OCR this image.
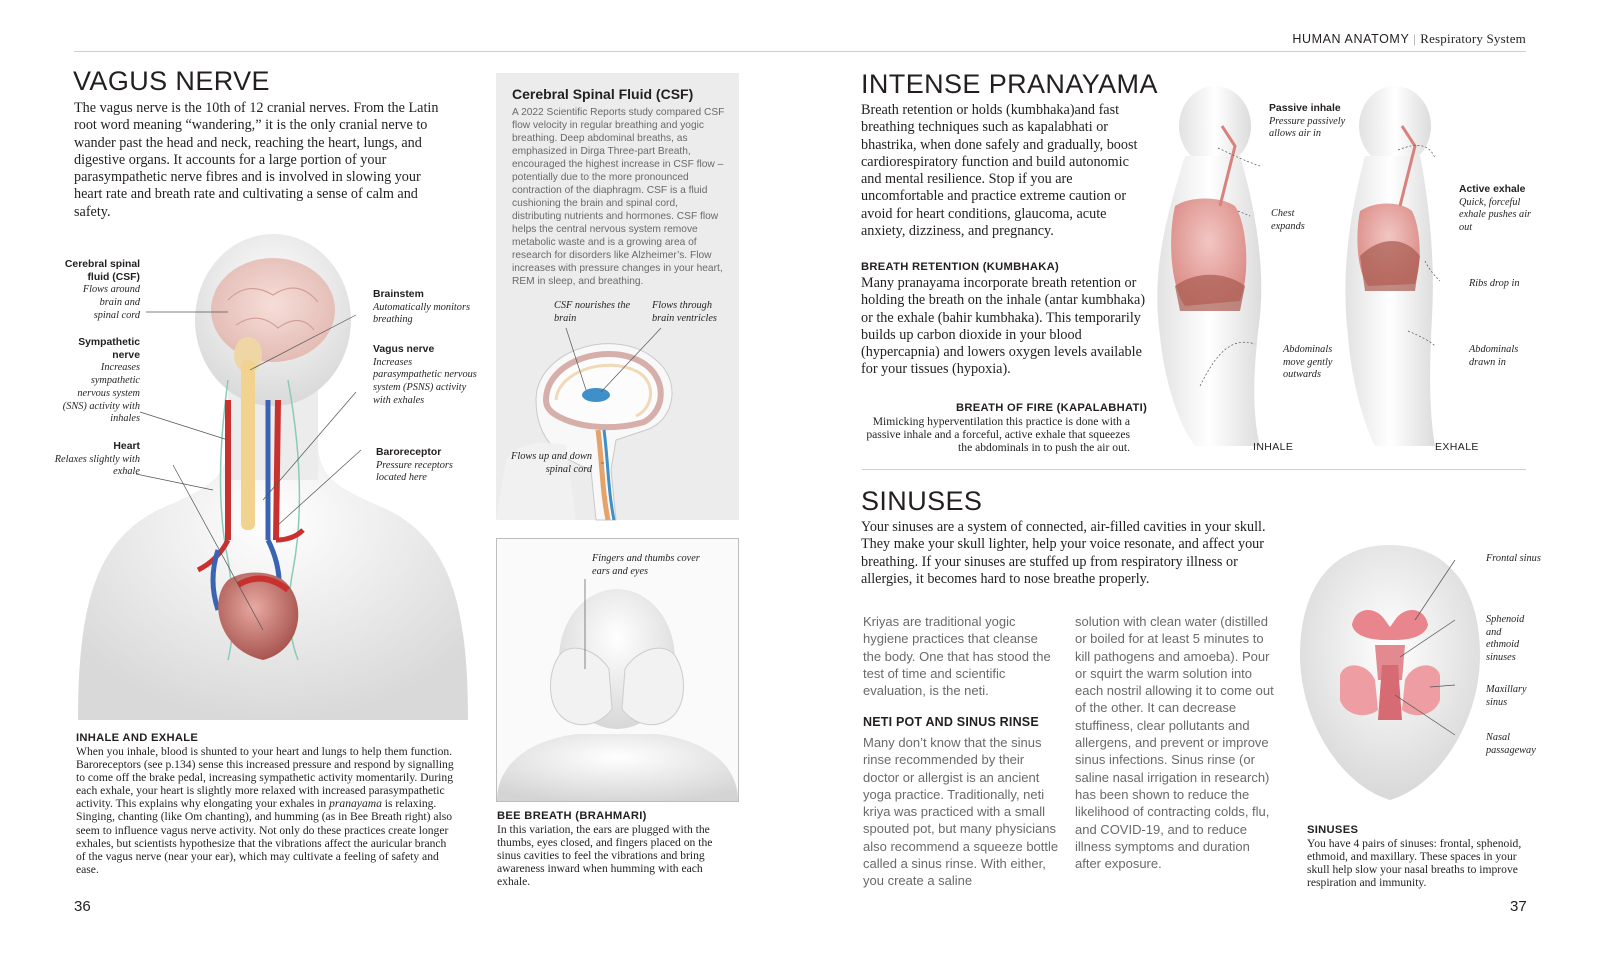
HUMAN ANATOMY | Respiratory System
VAGUS NERVE
The vagus nerve is the 10th of 12 cranial nerves. From the Latin root word meaning “wandering,” it is the only cranial nerve to wander past the head and neck, reaching the heart, lungs, and digestive organs. It accounts for a large portion of your parasympathetic nerve fibres and is involved in slowing your heart rate and breath rate and cultivating a sense of calm and safety.
Cerebral spinal fluid (CSF)
Flows around brain and spinal cord
Sympathetic nerve
Increases sympathetic nervous system (SNS) activity with inhales
Heart
Relaxes slightly with exhale
Brainstem
Automatically monitors breathing
Vagus nerve
Increases parasympathetic nervous system (PSNS) activity with exhales
Baroreceptor
Pressure receptors located here
INHALE AND EXHALE
When you inhale, blood is shunted to your heart and lungs to help them function. Baroreceptors (see p.134) sense this increased pressure and respond by signalling to come off the brake pedal, increasing sympathetic activity momentarily. During each exhale, your heart is slightly more relaxed with increased parasympathetic activity. This explains why elongating your exhales in pranayama is relaxing. Singing, chanting (like Om chanting), and humming (as in Bee Breath right) also seem to influence vagus nerve activity. Not only do these practices create longer exhales, but scientists hypothesize that the vibrations affect the auricular branch of the vagus nerve (near your ear), which may cultivate a feeling of safety and ease.
Cerebral Spinal Fluid (CSF)
A 2022 Scientific Reports study compared CSF flow velocity in regular breathing and yogic breathing. Deep abdominal breaths, as emphasized in Dirga Three-part Breath, encouraged the highest increase in CSF flow – potentially due to the more pronounced contraction of the diaphragm. CSF is a fluid cushioning the brain and spinal cord, distributing nutrients and hormones. CSF flow helps the central nervous system remove metabolic waste and is a growing area of research for disorders like Alzheimer’s. Flow increases with pressure changes in your heart, REM in sleep, and breathing.
CSF nourishes the brain
Flows through brain ventricles
Flows up and down spinal cord
Fingers and thumbs cover ears and eyes
BEE BREATH (BRAHMARI)
In this variation, the ears are plugged with the thumbs, eyes closed, and fingers placed on the sinus cavities to feel the vibrations and bring awareness inward when humming with each exhale.
36
INTENSE PRANAYAMA
Breath retention or holds (kumbhaka)and fast breathing techniques such as kapalabhati or bhastrika, when done safely and gradually, boost cardiorespiratory function and build autonomic and mental resilience. Stop if you are uncomfortable and practice extreme caution or avoid for heart conditions, glaucoma, acute anxiety, dizziness, and pregnancy.
BREATH RETENTION (KUMBHAKA)
Many pranayama incorporate breath retention or holding the breath on the inhale (antar kumbhaka) or the exhale (bahir kumbhaka). This temporarily builds up carbon dioxide in your blood (hypercapnia) and lowers oxygen levels available for your tissues (hypoxia).
BREATH OF FIRE (KAPALABHATI)
Mimicking hyperventilation this practice is done with a passive inhale and a forceful, active exhale that squeezes the abdominals in to push the air out.
Passive inhale
Pressure passively allows air in
Chest expands
Abdominals move gently outwards
Active exhale
Quick, forceful exhale pushes air out
Ribs drop in
Abdominals drawn in
INHALE	EXHALE
SINUSES
Your sinuses are a system of connected, air-filled cavities in your skull. They make your skull lighter, help your voice resonate, and affect your breathing. If your sinuses are stuffed up from respiratory illness or allergies, it becomes hard to nose breathe properly.
Kriyas are traditional yogic hygiene practices that cleanse the body. One that has stood the test of time and scientific evaluation, is the neti.
NETI POT AND SINUS RINSE
Many don’t know that the sinus rinse recommended by their doctor or allergist is an ancient yoga practice. Traditionally, neti kriya was practiced with a small spouted pot, but many physicians also recommend a squeeze bottle called a sinus rinse. With either, you create a saline
solution with clean water (distilled or boiled for at least 5 minutes to kill pathogens and amoeba). Pour or squirt the warm solution into each nostril allowing it to come out of the other. It can decrease stuffiness, clear pollutants and allergens, and prevent or improve sinus infections. Sinus rinse (or saline nasal irrigation in research) has been shown to reduce the likelihood of contracting colds, flu, and COVID-19, and to reduce illness symptoms and duration after exposure.
Frontal sinus
Sphenoid and ethmoid sinuses
Maxillary sinus
Nasal passageway
SINUSES
You have 4 pairs of sinuses: frontal, sphenoid, ethmoid, and maxillary. These spaces in your skull help slow your nasal breaths to improve respiration and immunity.
37
